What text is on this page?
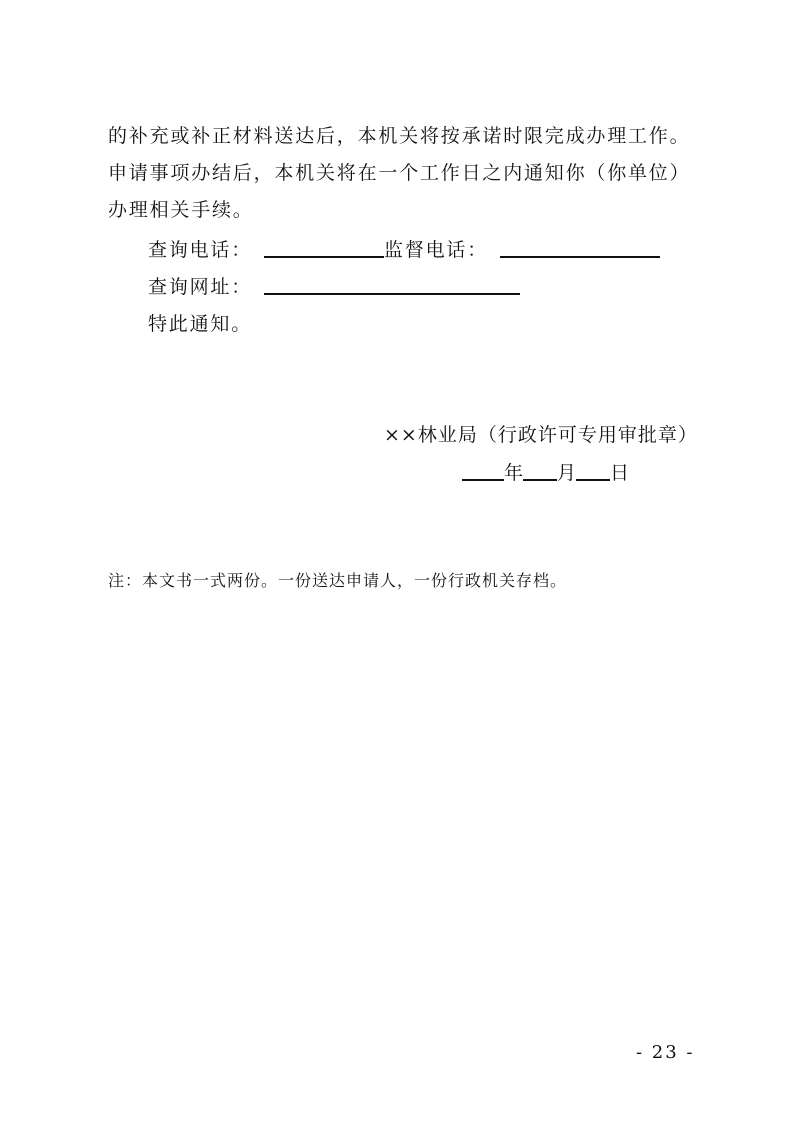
的补充或补正材料送达后，本机关将按承诺时限完成办理工作。
申请事项办结后，本机关将在一个工作日之内通知你（你单位）
办理相关手续。
查询电话：	监督电话：
查询网址：
特此通知。
××林业局（行政许可专用审批章）
年 月 日
注：本文书一式两份。一份送达申请人，一份行政机关存档。
- 23 -
